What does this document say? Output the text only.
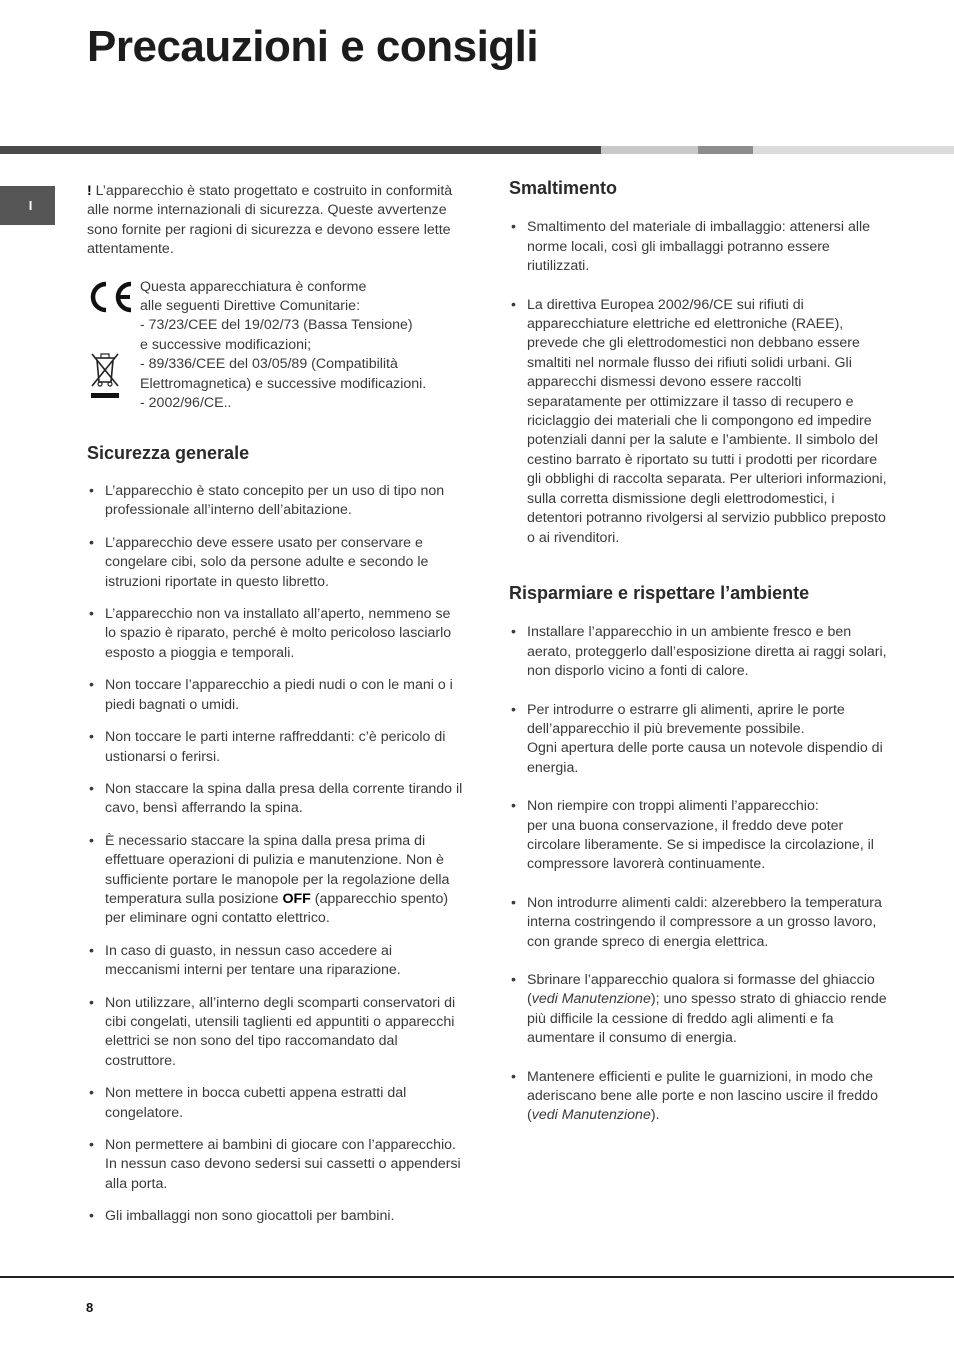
Precauzioni e consigli
I

! L’apparecchio è stato progettato e costruito in conformità alle norme internazionali di sicurezza. Queste avvertenze sono fornite per ragioni di sicurezza e devono essere lette attentamente.

Questa apparecchiatura è conforme
alle seguenti Direttive Comunitarie:
- 73/23/CEE del 19/02/73 (Bassa Tensione)
e successive modificazioni;
- 89/336/CEE del 03/05/89 (Compatibilità
Elettromagnetica) e successive modificazioni.
- 2002/96/CE..

Sicurezza generale
• L’apparecchio è stato concepito per un uso di tipo non professionale all’interno dell’abitazione.
• L’apparecchio deve essere usato per conservare e congelare cibi, solo da persone adulte e secondo le istruzioni riportate in questo libretto.
• L’apparecchio non va installato all’aperto, nemmeno se lo spazio è riparato, perché è molto pericoloso lasciarlo esposto a pioggia e temporali.
• Non toccare l’apparecchio a piedi nudi o con le mani o i piedi bagnati o umidi.
• Non toccare le parti interne raffreddanti: c’è pericolo di ustionarsi o ferirsi.
• Non staccare la spina dalla presa della corrente tirando il cavo, bensì afferrando la spina.
• È necessario staccare la spina dalla presa prima di effettuare operazioni di pulizia e manutenzione. Non è sufficiente portare le manopole per la regolazione della temperatura sulla posizione OFF (apparecchio spento) per eliminare ogni contatto elettrico.
• In caso di guasto, in nessun caso accedere ai meccanismi interni per tentare una riparazione.
• Non utilizzare, all’interno degli scomparti conservatori di cibi congelati, utensili taglienti ed appuntiti o apparecchi elettrici se non sono del tipo raccomandato dal costruttore.
• Non mettere in bocca cubetti appena estratti dal congelatore.
• Non permettere ai bambini di giocare con l’apparecchio. In nessun caso devono sedersi sui cassetti o appendersi alla porta.
• Gli imballaggi non sono giocattoli per bambini.
Smaltimento
• Smaltimento del materiale di imballaggio: attenersi alle norme locali, così gli imballaggi potranno essere riutilizzati.
• La direttiva Europea 2002/96/CE sui rifiuti di apparecchiature elettriche ed elettroniche (RAEE), prevede che gli elettrodomestici non debbano essere smaltiti nel normale flusso dei rifiuti solidi urbani. Gli apparecchi dismessi devono essere raccolti separatamente per ottimizzare il tasso di recupero e riciclaggio dei materiali che li compongono ed impedire potenziali danni per la salute e l’ambiente. Il simbolo del cestino barrato è riportato su tutti i prodotti per ricordare gli obblighi di raccolta separata. Per ulteriori informazioni, sulla corretta dismissione degli elettrodomestici, i detentori potranno rivolgersi al servizio pubblico preposto o ai rivenditori.
Risparmiare e rispettare l’ambiente
• Installare l’apparecchio in un ambiente fresco e ben aerato, proteggerlo dall’esposizione diretta ai raggi solari, non disporlo vicino a fonti di calore.
• Per introdurre o estrarre gli alimenti, aprire le porte dell’apparecchio il più brevemente possibile.
Ogni apertura delle porte causa un notevole dispendio di energia.
• Non riempire con troppi alimenti l’apparecchio:
per una buona conservazione, il freddo deve poter circolare liberamente. Se si impedisce la circolazione, il compressore lavorerà continuamente.
• Non introdurre alimenti caldi: alzerebbero la temperatura interna costringendo il compressore a un grosso lavoro, con grande spreco di energia elettrica.
• Sbrinare l’apparecchio qualora si formasse del ghiaccio (vedi Manutenzione); uno spesso strato di ghiaccio rende più difficile la cessione di freddo agli alimenti e fa aumentare il consumo di energia.
• Mantenere efficienti e pulite le guarnizioni, in modo che aderiscano bene alle porte e non lascino uscire il freddo (vedi Manutenzione).
8
